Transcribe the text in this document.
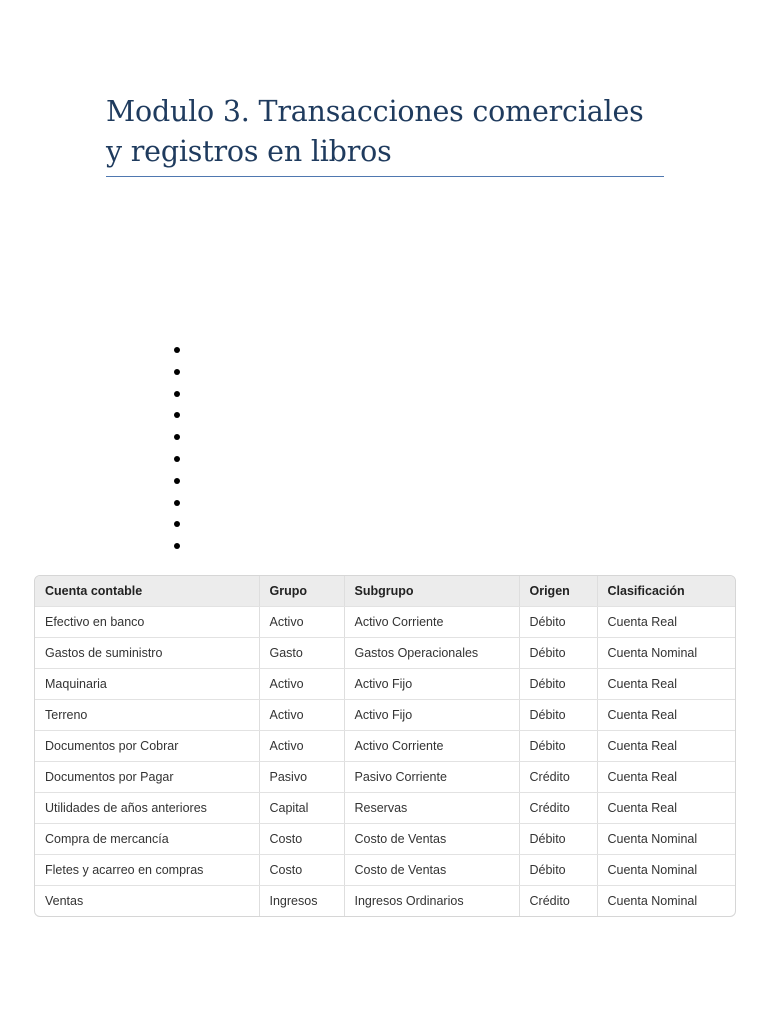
Modulo 3. Transacciones comerciales y registros en libros
Cuenta contable	Grupo	Subgrupo	Origen	Clasificación
Efectivo en banco	Activo	Activo Corriente	Débito	Cuenta Real
Gastos de suministro	Gasto	Gastos Operacionales	Débito	Cuenta Nominal
Maquinaria	Activo	Activo Fijo	Débito	Cuenta Real
Terreno	Activo	Activo Fijo	Débito	Cuenta Real
Documentos por Cobrar	Activo	Activo Corriente	Débito	Cuenta Real
Documentos por Pagar	Pasivo	Pasivo Corriente	Crédito	Cuenta Real
Utilidades de años anteriores	Capital	Reservas	Crédito	Cuenta Real
Compra de mercancía	Costo	Costo de Ventas	Débito	Cuenta Nominal
Fletes y acarreo en compras	Costo	Costo de Ventas	Débito	Cuenta Nominal
Ventas	Ingresos	Ingresos Ordinarios	Crédito	Cuenta Nominal
